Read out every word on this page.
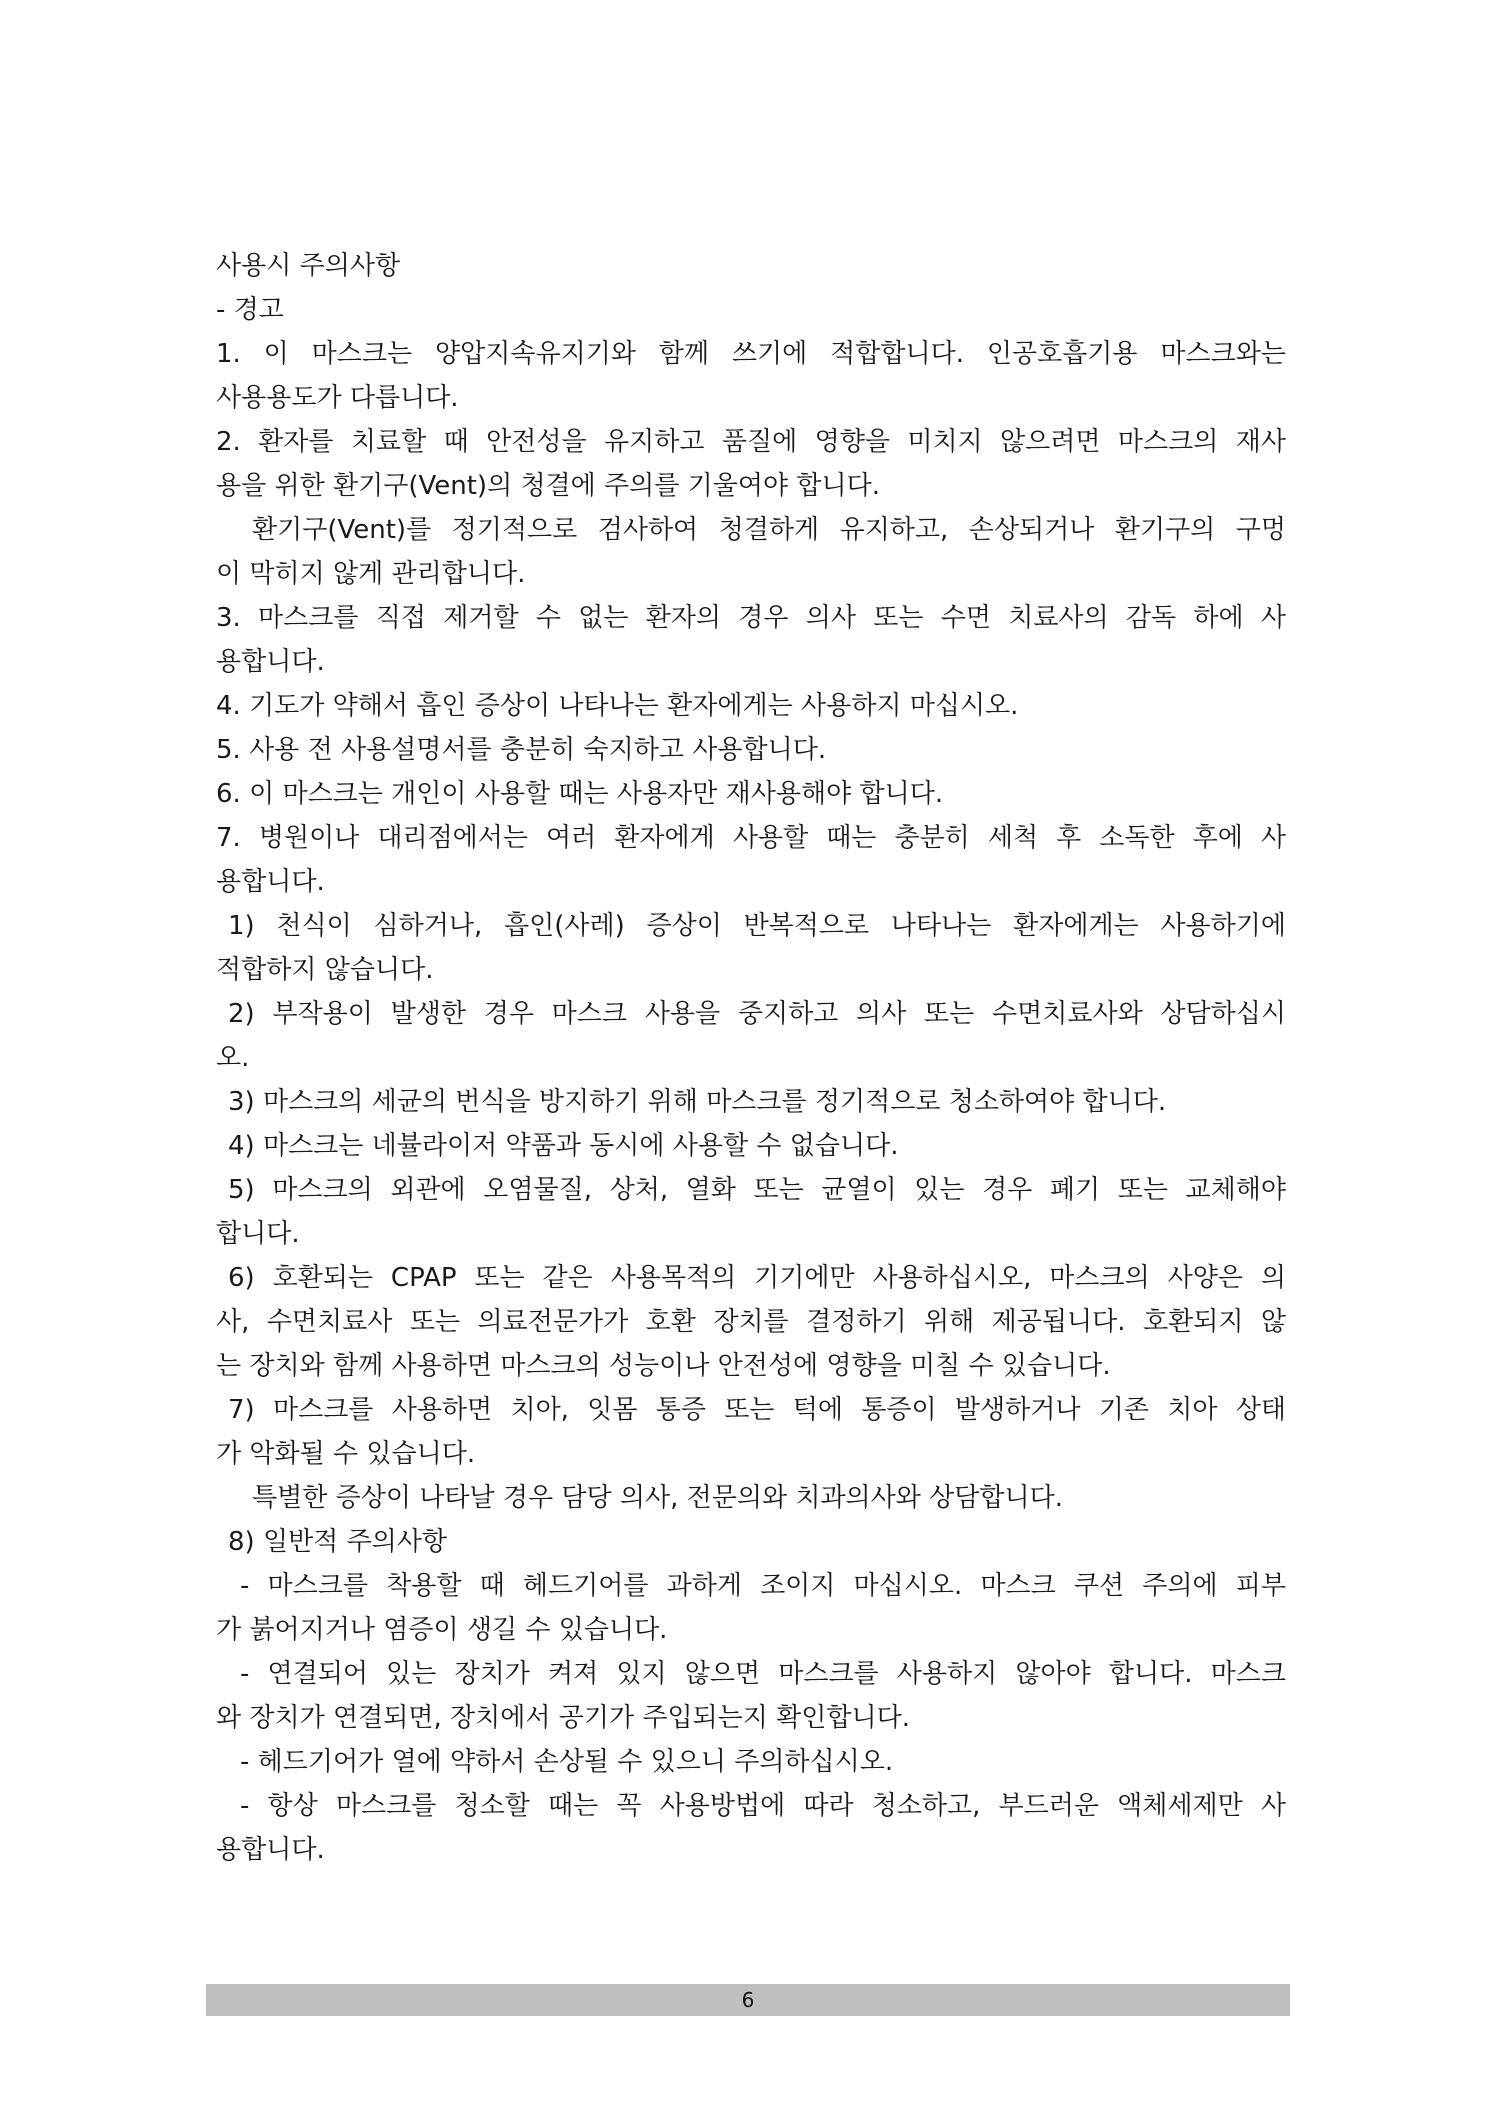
사용시 주의사항
- 경고
1. 이 마스크는 양압지속유지기와 함께 쓰기에 적합합니다. 인공호흡기용 마스크와는
사용용도가 다릅니다.
2. 환자를 치료할 때 안전성을 유지하고 품질에 영향을 미치지 않으려면 마스크의 재사
용을 위한 환기구(Vent)의 청결에 주의를 기울여야 합니다.
환기구(Vent)를 정기적으로 검사하여 청결하게 유지하고, 손상되거나 환기구의 구멍
이 막히지 않게 관리합니다.
3. 마스크를 직접 제거할 수 없는 환자의 경우 의사 또는 수면 치료사의 감독 하에 사
용합니다.
4. 기도가 약해서 흡인 증상이 나타나는 환자에게는 사용하지 마십시오.
5. 사용 전 사용설명서를 충분히 숙지하고 사용합니다.
6. 이 마스크는 개인이 사용할 때는 사용자만 재사용해야 합니다.
7. 병원이나 대리점에서는 여러 환자에게 사용할 때는 충분히 세척 후 소독한 후에 사
용합니다.
1) 천식이 심하거나, 흡인(사레) 증상이 반복적으로 나타나는 환자에게는 사용하기에
적합하지 않습니다.
2) 부작용이 발생한 경우 마스크 사용을 중지하고 의사 또는 수면치료사와 상담하십시
오.
3) 마스크의 세균의 번식을 방지하기 위해 마스크를 정기적으로 청소하여야 합니다.
4) 마스크는 네뷸라이저 약품과 동시에 사용할 수 없습니다.
5) 마스크의 외관에 오염물질, 상처, 열화 또는 균열이 있는 경우 폐기 또는 교체해야
합니다.
6) 호환되는 CPAP 또는 같은 사용목적의 기기에만 사용하십시오, 마스크의 사양은 의
사, 수면치료사 또는 의료전문가가 호환 장치를 결정하기 위해 제공됩니다. 호환되지 않
는 장치와 함께 사용하면 마스크의 성능이나 안전성에 영향을 미칠 수 있습니다.
7) 마스크를 사용하면 치아, 잇몸 통증 또는 턱에 통증이 발생하거나 기존 치아 상태
가 악화될 수 있습니다.
특별한 증상이 나타날 경우 담당 의사, 전문의와 치과의사와 상담합니다.
8) 일반적 주의사항
- 마스크를 착용할 때 헤드기어를 과하게 조이지 마십시오. 마스크 쿠션 주의에 피부
가 붉어지거나 염증이 생길 수 있습니다.
- 연결되어 있는 장치가 켜져 있지 않으면 마스크를 사용하지 않아야 합니다. 마스크
와 장치가 연결되면, 장치에서 공기가 주입되는지 확인합니다.
- 헤드기어가 열에 약하서 손상될 수 있으니 주의하십시오.
- 항상 마스크를 청소할 때는 꼭 사용방법에 따라 청소하고, 부드러운 액체세제만 사
용합니다.
6
